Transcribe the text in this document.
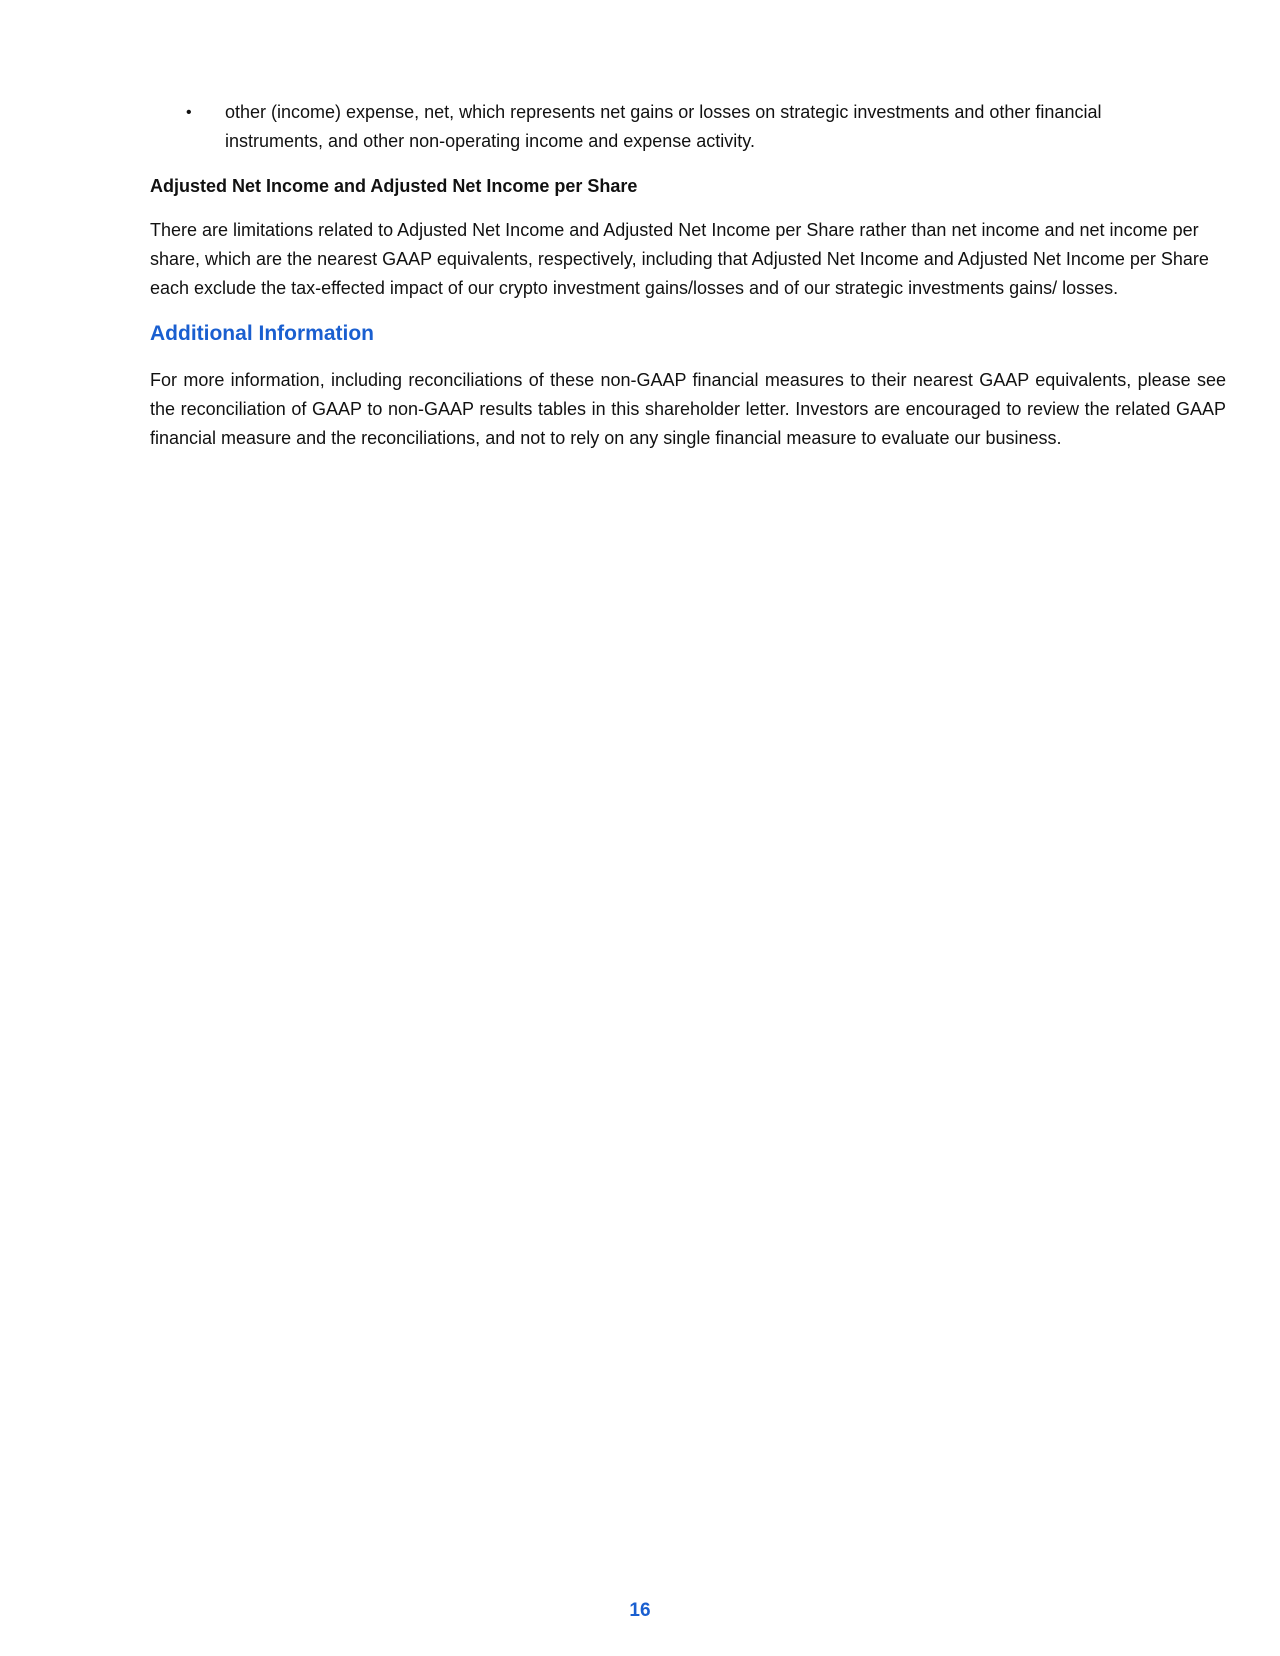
• other (income) expense, net, which represents net gains or losses on strategic investments and other financial instruments, and other non-operating income and expense activity.
Adjusted Net Income and Adjusted Net Income per Share

There are limitations related to Adjusted Net Income and Adjusted Net Income per Share rather than net income and net income per share, which are the nearest GAAP equivalents, respectively, including that Adjusted Net Income and Adjusted Net Income per Share each exclude the tax-effected impact of our crypto investment gains/losses and of our strategic investments gains/ losses.

Additional Information

For more information, including reconciliations of these non-GAAP financial measures to their nearest GAAP equivalents, please see the reconciliation of GAAP to non-GAAP results tables in this shareholder letter. Investors are encouraged to review the related GAAP financial measure and the reconciliations, and not to rely on any single financial measure to evaluate our business.

16
